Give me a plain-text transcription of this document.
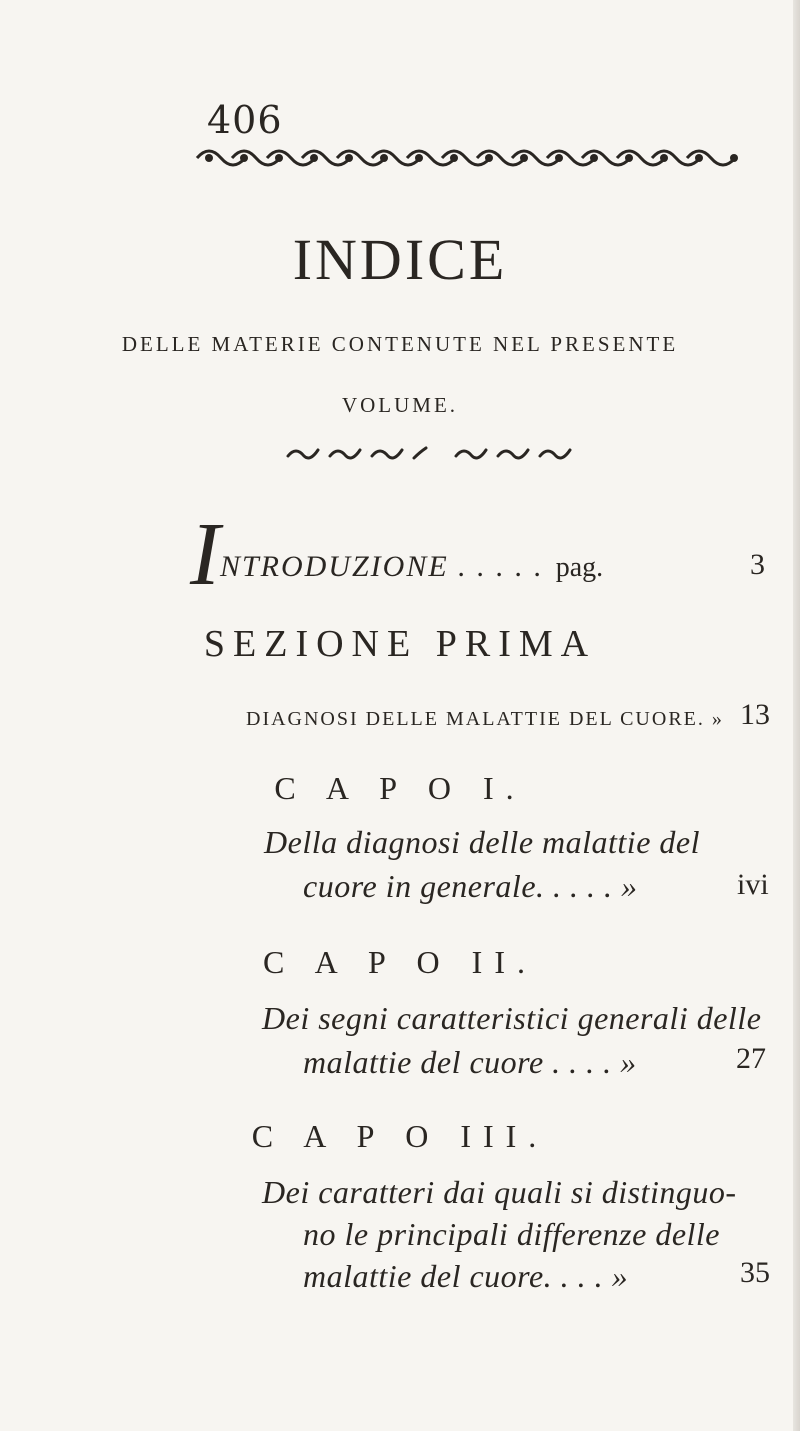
406
INDICE
DELLE MATERIE CONTENUTE NEL PRESENTE
VOLUME.
INTRODUZIONE . . . . . pag.	3
SEZIONE PRIMA
DIAGNOSI DELLE MALATTIE DEL CUORE. » 13
C A P O I.
Della diagnosi delle malattie del
cuore in generale. . . . . »	ivi
C A P O II.
Dei segni caratteristici generali delle
malattie del cuore . . . . »	27
C A P O III.
Dei caratteri dai quali si distinguo-
no le principali differenze delle
malattie del cuore. . . . »	35
